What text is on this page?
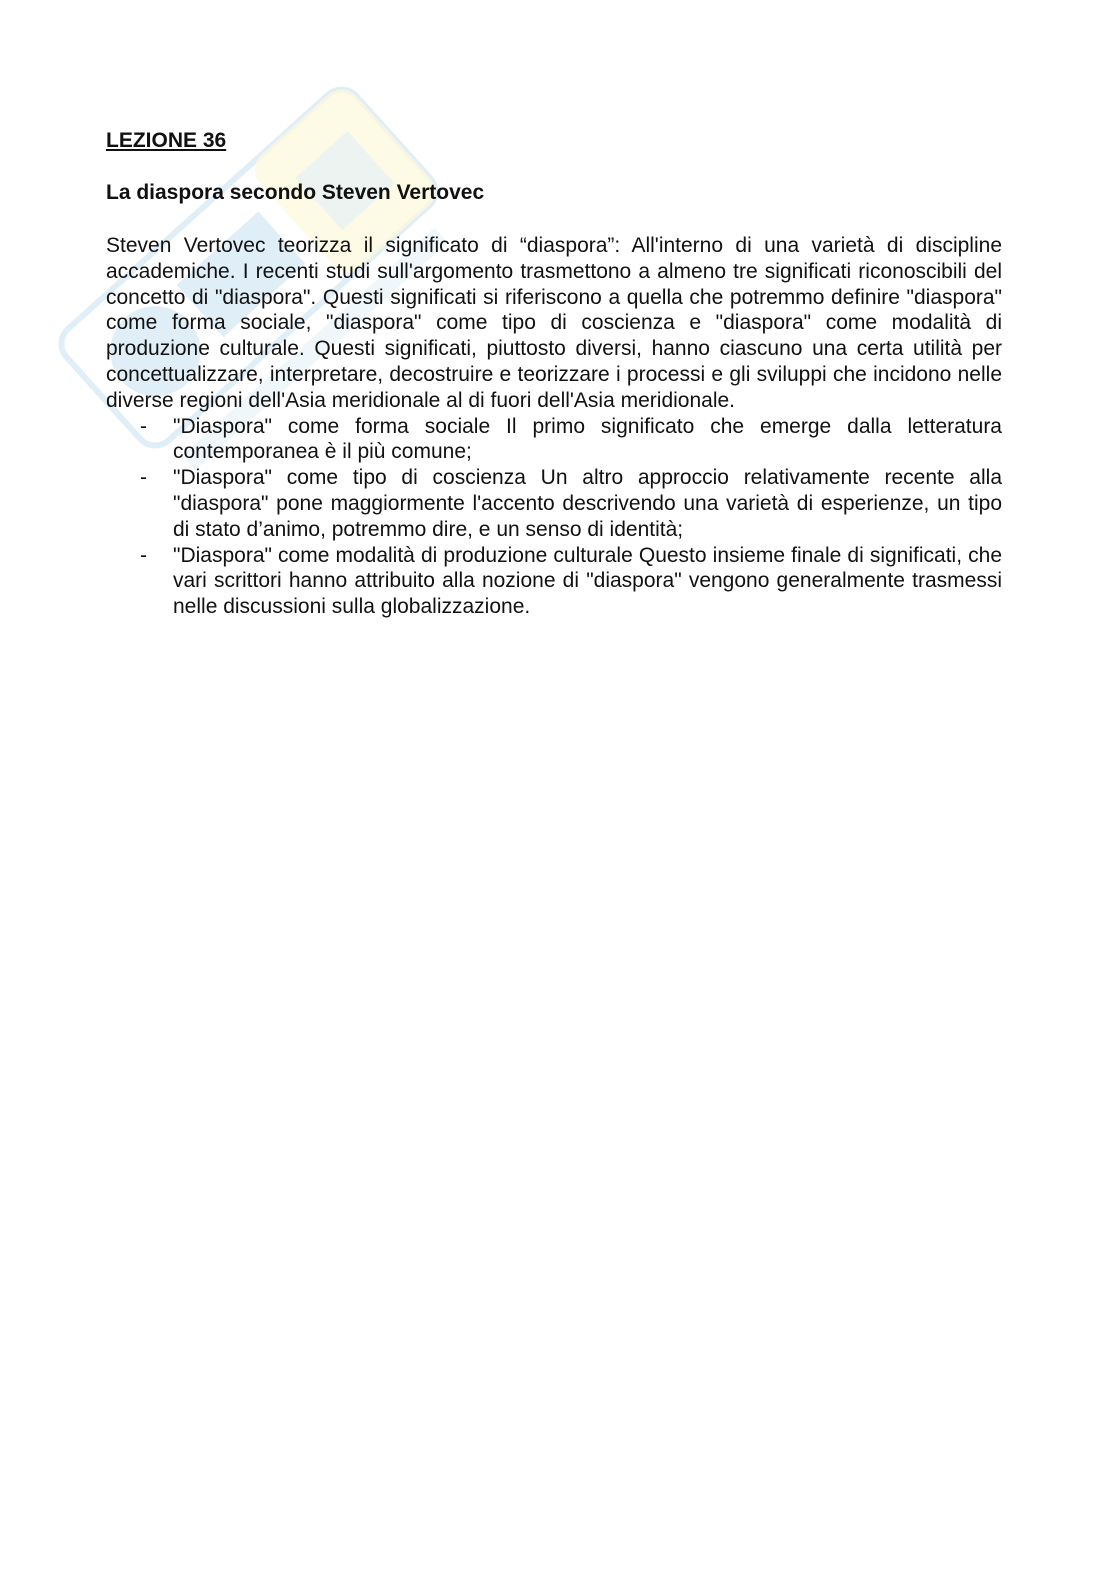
LEZIONE 36
La diaspora secondo Steven Vertovec

Steven Vertovec teorizza il significato di “diaspora”: All'interno di una varietà di discipline accademiche. I recenti studi sull'argomento trasmettono a almeno tre significati riconoscibili del concetto di "diaspora". Questi significati si riferiscono a quella che potremmo definire "diaspora" come forma sociale, "diaspora" come tipo di coscienza e "diaspora" come modalità di produzione culturale. Questi significati, piuttosto diversi, hanno ciascuno una certa utilità per concettualizzare, interpretare, decostruire e teorizzare i processi e gli sviluppi che incidono nelle diverse regioni dell'Asia meridionale al di fuori dell'Asia meridionale.

- "Diaspora" come forma sociale Il primo significato che emerge dalla letteratura contemporanea è il più comune;
- "Diaspora" come tipo di coscienza Un altro approccio relativamente recente alla "diaspora" pone maggiormente l'accento descrivendo una varietà di esperienze, un tipo di stato d’animo, potremmo dire, e un senso di identità;
- "Diaspora" come modalità di produzione culturale Questo insieme finale di significati, che vari scrittori hanno attribuito alla nozione di "diaspora" vengono generalmente trasmessi nelle discussioni sulla globalizzazione.
